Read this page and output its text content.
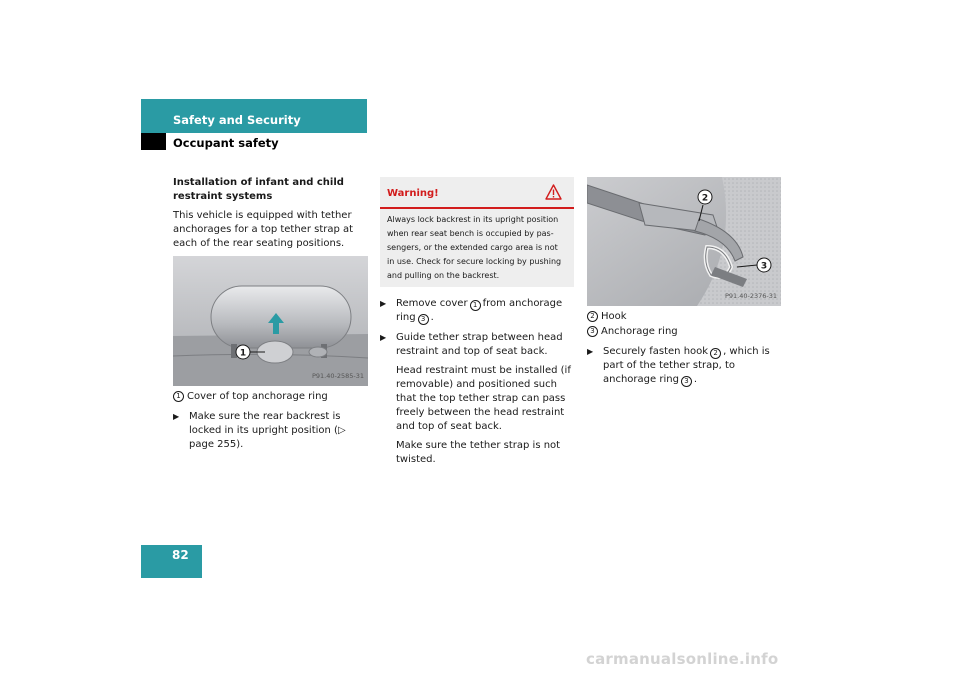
Safety and Security
Occupant safety
Installation of infant and child restraint systems
This vehicle is equipped with tether anchorages for a top tether strap at each of the rear seating positions.
1
P91.40-2585-31
1 Cover of top anchorage ring
▶ Make sure the rear backrest is locked in its upright position (▷ page 255).
Warning!
Always lock backrest in its upright position when rear seat bench is occupied by pas-sengers, or the extended cargo area is not in use. Check for secure locking by pushing and pulling on the backrest.
▶ Remove cover 1 from anchorage ring 3 .
▶ Guide tether strap between head restraint and top of seat back.
Head restraint must be installed (if removable) and positioned such that the top tether strap can pass freely between the head restraint and top of seat back.
Make sure the tether strap is not twisted.
2
3
P91.40-2376-31
2 Hook
3 Anchorage ring
▶ Securely fasten hook 2 , which is part of the tether strap, to anchorage ring 3 .
82
carmanualsonline.info
